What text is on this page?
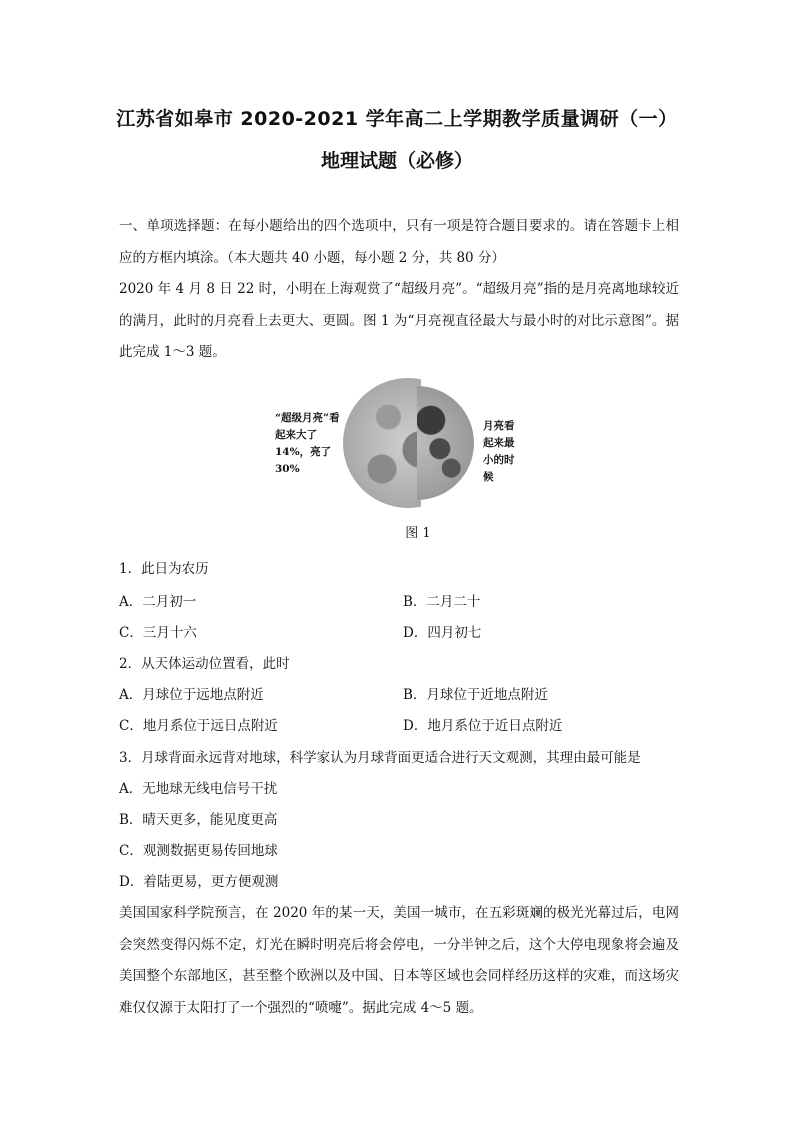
江苏省如皋市 2020-2021 学年高二上学期教学质量调研（一）
地理试题（必修）
一、单项选择题：在每小题给出的四个选项中，只有一项是符合题目要求的。请在答题卡上相应的方框内填涂。（本大题共 40 小题，每小题 2 分，共 80 分）
2020 年 4 月 8 日 22 时，小明在上海观赏了“超级月亮”。“超级月亮”指的是月亮离地球较近的满月，此时的月亮看上去更大、更圆。图 1 为“月亮视直径最大与最小时的对比示意图”。据此完成 1～3 题。
“超级月亮”看起来大了14%，亮了30%
月亮看起来最小的时候
图 1
1．此日为农历
A．二月初一	B．二月二十
C．三月十六	D．四月初七
2．从天体运动位置看，此时
A．月球位于远地点附近	B．月球位于近地点附近
C．地月系位于远日点附近	D．地月系位于近日点附近
3．月球背面永远背对地球，科学家认为月球背面更适合进行天文观测，其理由最可能是
A．无地球无线电信号干扰
B．晴天更多，能见度更高
C．观测数据更易传回地球
D．着陆更易，更方便观测
美国国家科学院预言，在 2020 年的某一天，美国一城市，在五彩斑斓的极光光幕过后，电网会突然变得闪烁不定，灯光在瞬时明亮后将会停电，一分半钟之后，这个大停电现象将会遍及美国整个东部地区，甚至整个欧洲以及中国、日本等区域也会同样经历这样的灾难，而这场灾难仅仅源于太阳打了一个强烈的“喷嚏”。据此完成 4～5 题。
